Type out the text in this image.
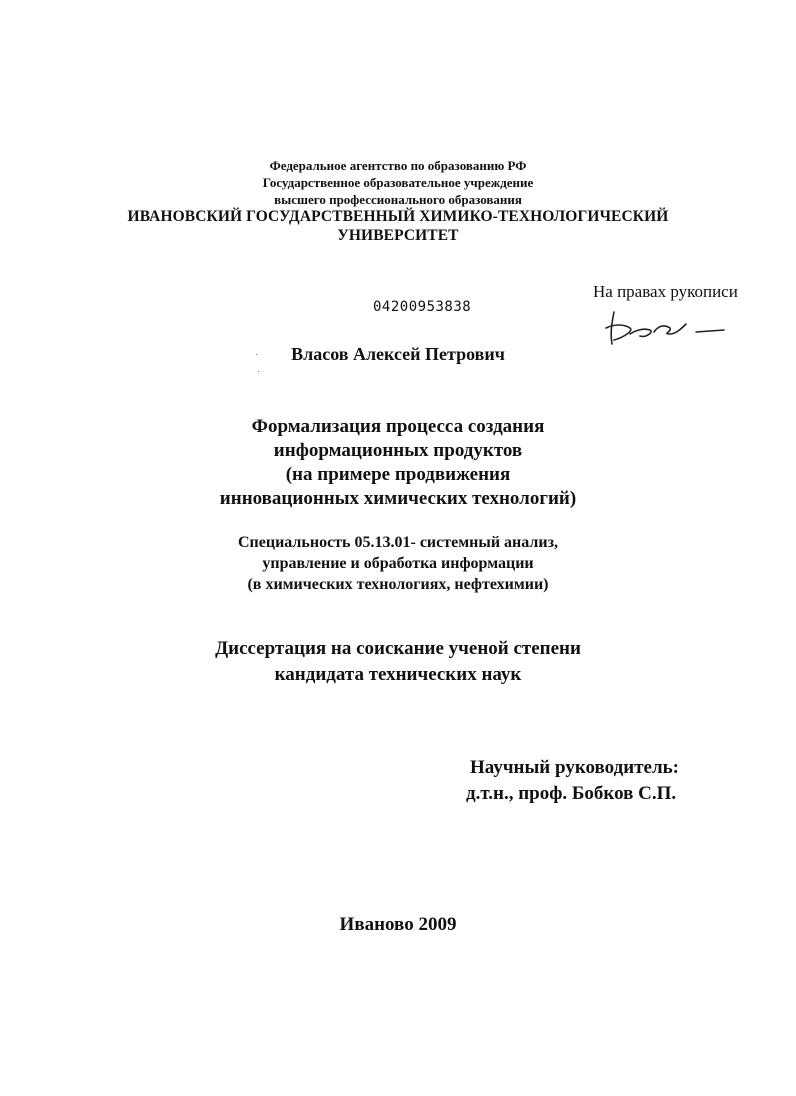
Федеральное агентство по образованию РФ
Государственное образовательное учреждение
высшего профессионального образования
ИВАНОВСКИЙ ГОСУДАРСТВЕННЫЙ ХИМИКО-ТЕХНОЛОГИЧЕСКИЙ
УНИВЕРСИТЕТ
На правах рукописи
04200953838
Власов Алексей Петрович
Формализация процесса создания
информационных продуктов
(на примере продвижения
инновационных химических технологий)
Специальность 05.13.01- системный анализ,
управление и обработка информации
(в химических технологиях, нефтехимии)
Диссертация на соискание ученой степени
кандидата технических наук
Научный руководитель:
д.т.н., проф. Бобков С.П.
Иваново 2009
